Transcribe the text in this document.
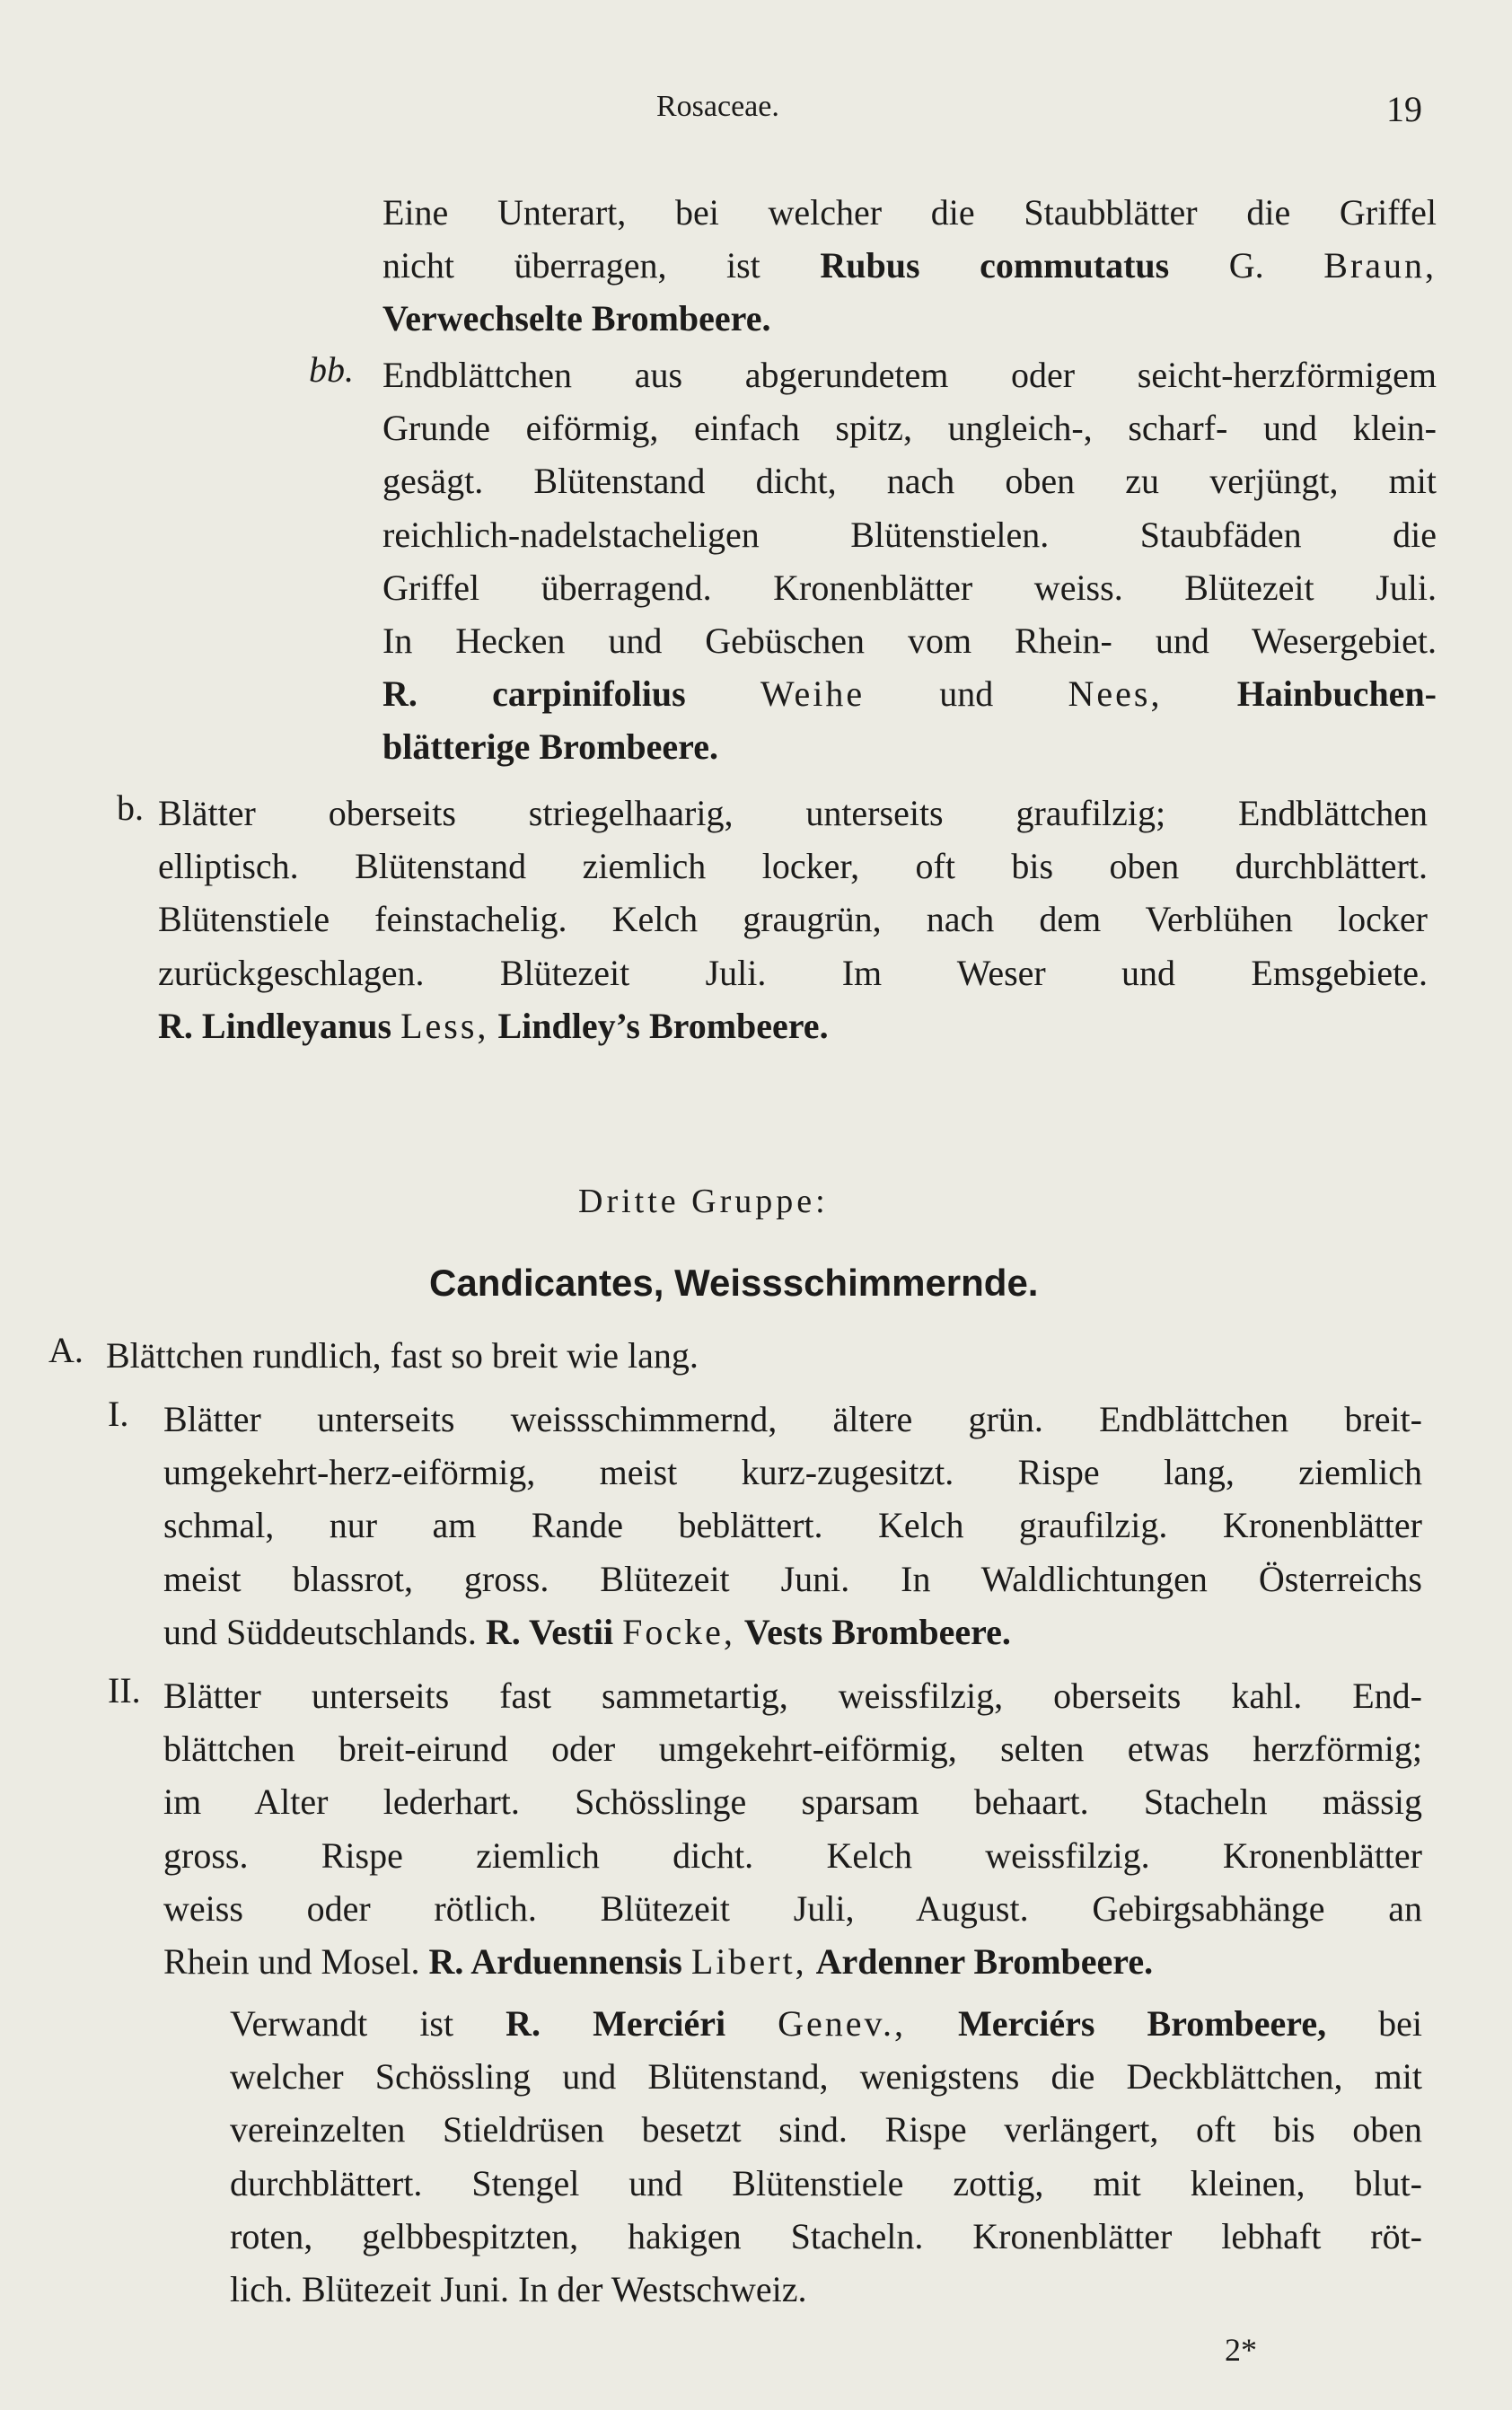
Rosaceae.	19
Eine Unterart, bei welcher die Staubblätter die Griffel
nicht überragen, ist Rubus commutatus G. Braun,
Verwechselte Brombeere.
bb. Endblättchen aus abgerundetem oder seicht-herzförmigem
Grunde eiförmig, einfach spitz, ungleich-, scharf- und klein-
gesägt. Blütenstand dicht, nach oben zu verjüngt, mit
reichlich-nadelstacheligen Blütenstielen. Staubfäden die
Griffel überragend. Kronenblätter weiss. Blütezeit Juli.
In Hecken und Gebüschen vom Rhein- und Wesergebiet.
R. carpinifolius Weihe und Nees, Hainbuchen-
blätterige Brombeere.
b. Blätter oberseits striegelhaarig, unterseits graufilzig; Endblättchen
elliptisch. Blütenstand ziemlich locker, oft bis oben durchblättert.
Blütenstiele feinstachelig. Kelch graugrün, nach dem Verblühen locker
zurückgeschlagen. Blütezeit Juli. Im Weser und Emsgebiete.
R. Lindleyanus Less, Lindley’s Brombeere.
Dritte Gruppe:
Candicantes, Weissschimmernde.
A. Blättchen rundlich, fast so breit wie lang.
I. Blätter unterseits weissschimmernd, ältere grün. Endblättchen breit-
umgekehrt-herz-eiförmig, meist kurz-zugesitzt. Rispe lang, ziemlich
schmal, nur am Rande beblättert. Kelch graufilzig. Kronenblätter
meist blassrot, gross. Blütezeit Juni. In Waldlichtungen Österreichs
und Süddeutschlands. R. Vestii Focke, Vests Brombeere.
II. Blätter unterseits fast sammetartig, weissfilzig, oberseits kahl. End-
blättchen breit-eirund oder umgekehrt-eiförmig, selten etwas herzförmig;
im Alter lederhart. Schösslinge sparsam behaart. Stacheln mässig
gross. Rispe ziemlich dicht. Kelch weissfilzig. Kronenblätter
weiss oder rötlich. Blütezeit Juli, August. Gebirgsabhänge an
Rhein und Mosel. R. Arduennensis Libert, Ardenner Brombeere.
Verwandt ist R. Merciéri Genev., Merciérs Brombeere, bei
welcher Schössling und Blütenstand, wenigstens die Deckblättchen, mit
vereinzelten Stieldrüsen besetzt sind. Rispe verlängert, oft bis oben
durchblättert. Stengel und Blütenstiele zottig, mit kleinen, blut-
roten, gelbbespitzten, hakigen Stacheln. Kronenblätter lebhaft röt-
lich. Blütezeit Juni. In der Westschweiz.
2*
